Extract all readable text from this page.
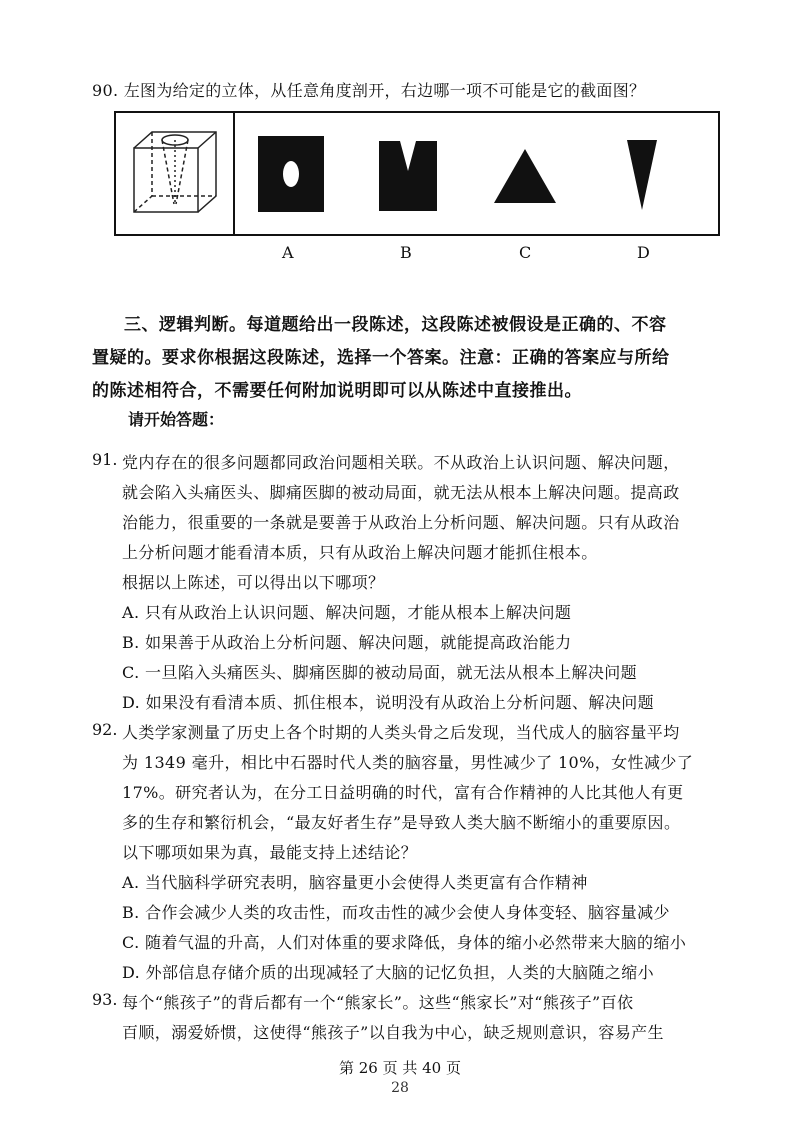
90. 左图为给定的立体，从任意角度剖开，右边哪一项不可能是它的截面图？
A	B	C	D
三、逻辑判断。每道题给出一段陈述，这段陈述被假设是正确的、不容
置疑的。要求你根据这段陈述，选择一个答案。注意：正确的答案应与所给
的陈述相符合，不需要任何附加说明即可以从陈述中直接推出。
请开始答题：
91. 党内存在的很多问题都同政治问题相关联。不从政治上认识问题、解决问题，
就会陷入头痛医头、脚痛医脚的被动局面，就无法从根本上解决问题。提高政
治能力，很重要的一条就是要善于从政治上分析问题、解决问题。只有从政治
上分析问题才能看清本质，只有从政治上解决问题才能抓住根本。
根据以上陈述，可以得出以下哪项？
A. 只有从政治上认识问题、解决问题，才能从根本上解决问题
B. 如果善于从政治上分析问题、解决问题，就能提高政治能力
C. 一旦陷入头痛医头、脚痛医脚的被动局面，就无法从根本上解决问题
D. 如果没有看清本质、抓住根本，说明没有从政治上分析问题、解决问题
92. 人类学家测量了历史上各个时期的人类头骨之后发现，当代成人的脑容量平均
为 1349 毫升，相比中石器时代人类的脑容量，男性减少了 10%，女性减少了
17%。研究者认为，在分工日益明确的时代，富有合作精神的人比其他人有更
多的生存和繁衍机会，“最友好者生存”是导致人类大脑不断缩小的重要原因。
以下哪项如果为真，最能支持上述结论？
A. 当代脑科学研究表明，脑容量更小会使得人类更富有合作精神
B. 合作会减少人类的攻击性，而攻击性的减少会使人身体变轻、脑容量减少
C. 随着气温的升高，人们对体重的要求降低，身体的缩小必然带来大脑的缩小
D. 外部信息存储介质的出现减轻了大脑的记忆负担，人类的大脑随之缩小
93. 每个“熊孩子”的背后都有一个“熊家长”。这些“熊家长”对“熊孩子”百依
百顺，溺爱娇惯，这使得“熊孩子”以自我为中心，缺乏规则意识，容易产生
第 26 页 共 40 页
28
